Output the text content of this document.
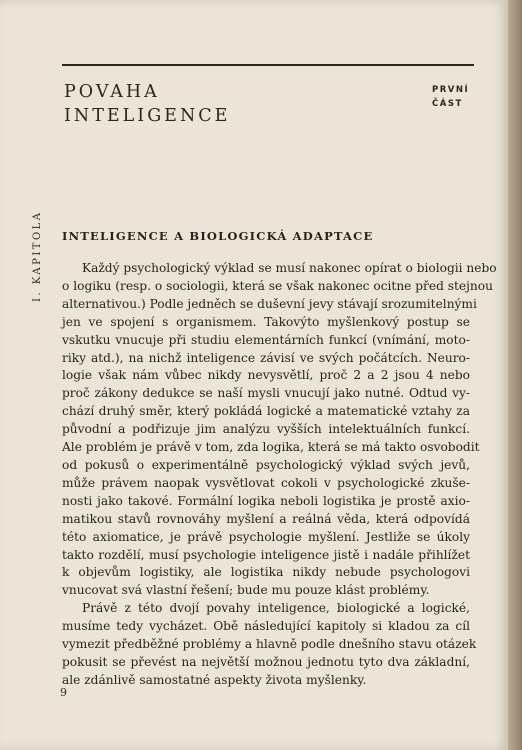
POVAHA
INTELIGENCE
PRVNÍ
ČÁST
I. KAPITOLA INTELIGENCE A BIOLOGICKÁ ADAPTACE
Každý psychologický výklad se musí nakonec opírat o biologii nebo
o logiku (resp. o sociologii, která se však nakonec ocitne před stejnou
alternativou.) Podle jedněch se duševní jevy stávají srozumitelnými
jen ve spojení s organismem. Takovýto myšlenkový postup se
vskutku vnucuje při studiu elementárních funkcí (vnímání, moto-
riky atd.), na nichž inteligence závisí ve svých počátcích. Neuro-
logie však nám vůbec nikdy nevysvětlí, proč 2 a 2 jsou 4 nebo
proč zákony dedukce se naší mysli vnucují jako nutné. Odtud vy-
chází druhý směr, který pokládá logické a matematické vztahy za
původní a podřizuje jim analýzu vyšších intelektuálních funkcí.
Ale problém je právě v tom, zda logika, která se má takto osvobodit
od pokusů o experimentálně psychologický výklad svých jevů,
může právem naopak vysvětlovat cokoli v psychologické zkuše-
nosti jako takové. Formální logika neboli logistika je prostě axio-
matikou stavů rovnováhy myšlení a reálná věda, která odpovídá
této axiomatice, je právě psychologie myšlení. Jestliže se úkoly
takto rozdělí, musí psychologie inteligence jistě i nadále přihlížet
k objevům logistiky, ale logistika nikdy nebude psychologovi
vnucovat svá vlastní řešení; bude mu pouze klást problémy.
Právě z této dvojí povahy inteligence, biologické a logické,
musíme tedy vycházet. Obě následující kapitoly si kladou za cíl
vymezit předběžné problémy a hlavně podle dnešního stavu otázek
pokusit se převést na největší možnou jednotu tyto dva základní,
ale zdánlivě samostatné aspekty života myšlenky.
9
